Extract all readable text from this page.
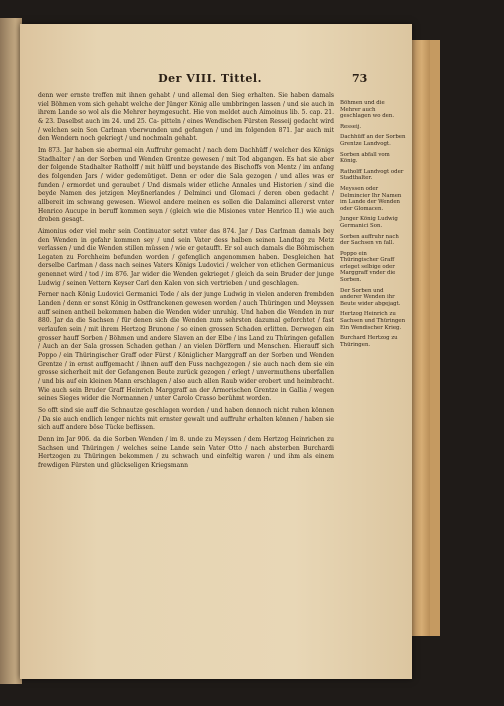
Der VIII. Tittel.	73

denn wer ernste treffen mit ihnen gehabt / und allemal den Sieg erhalten. Sie haben damals viel Böhmen vom sich gehabt welche der Jünger König alle umbbringen lassen / und sie auch in ihrem Lande so wol als die Mehrer heymgesucht. Hie von meldet auch Aimoinus lib. 5. cap. 21. & 23. Daselbst auch im 24. und 25. Ca- pitteln / eines Wendischen Fürsten Resseij gedacht wird / welchen sein Son Carlman vberwunden und gefangen / und im folgenden 871. Jar auch mit den Wendern noch gekriegt / und nochmaln gehabt.

Im 873. Jar haben sie abermal ein Auffruhr gemacht / nach dem Dachhüff / welcher des Königs Stadhalter / an der Sorben und Wenden Grentze gewesen / mit Tod abgangen. Es hat sie aber der folgende Stadhalter Ratholff / mit hülff und beystande des Bischoffs von Mentz / im anfang des folgenden Jars / wider gedemütiget. Denn er oder die Sala gezogen / und alles was er funden / ermordet und geraubet / Und dismals wider etliche Annales und Historien / sind die beyde Namen des jetzigen Meyßnerlandes / Delminci und Glomaci / deren oben gedacht / allbereit im schwang gewesen. Wiewol andere meinen es sollen die Dalaminci allererst vnter Henrico Aucupe in beruff kommen seyn / (gleich wie die Misiones vnter Henrico II.) wie auch droben gesagt.

Aimonius oder viel mehr sein Continuator setzt vnter das 874. Jar / Das Carlman damals bey den Wenden in gefahr kommen sey / und sein Vater dess halben seinen Landtag zu Metz verlassen / und die Wenden stillen müssen / wie er getaufft. Er sol auch damals die Böhmischen Legaten zu Forchheim befunden worden / gefenglich angenommen haben. Desgleichen hat derselbe Carlman / dass nach seines Vaters Königs Ludovici / welcher von etlichen Germanicus genennet wird / tod / im 876. Jar wider die Wenden gekrieget / gleich da sein Bruder der junge Ludwig / seinen Vettern Keyser Carl den Kalen von sich vertrieben / und geschlagen.

Ferner nach König Ludovici Germanici Tode / als der junge Ludwig in vielen anderen frembden Landen / denn er sonst König in Ostfranckenen gewesen worden / auch Thüringen und Meyssen auff seinen antheil bekommen haben die Wenden wider unruhig. Und haben die Wenden in nur 880. Jar da die Sachsen / für denen sich die Wenden zum sehrsten dazumal geforchtet / fast verlaufen sein / mit ihrem Hertzog Brunone / so einen grossen Schaden erlitten. Derwegen ein grosser hauff Sorben / Böhmen und andere Slaven an der Elbe / ins Land zu Thüringen gefallen / Auch an der Sala grossen Schaden gethan / an vielen Dörffern und Menschen. Hierauff sich Poppo / ein Thüringischer Graff oder Fürst / Königlicher Marggraff an der Sorben und Wenden Grentze / in ernst auffgemacht / ihnen auff den Fuss nachgezogen / sie auch nach dem sie ein grosse sicherheit mit der Gefangenen Beute zurück gezogen / erlegt / unvermuthens uberfallen / und bis auf ein kleinen Mann erschlagen / also auch allen Raub wider erobert und heimbracht. Wie auch sein Bruder Graff Heinrich Marggraff an der Armorischen Grentze in Gallia / wegen seines Sieges wider die Normannen / unter Carolo Crasso berühmt worden.

So offt sind sie auff die Schnautze geschlagen worden / und haben dennoch nicht ruhen können / Da sie auch endlich lenger nichts mit ernster gewalt und auffruhr erhalten können / haben sie sich auff andere böse Tücke beflissen.

Denn im Jar 906. da die Sorben Wenden / im 8. unde zu Meyssen / dem Hertzog Heinrichen zu Sachsen und Thüringen / welches seine Lande sein Vater Otto / nach absterben Burchardi Hertzogen zu Thüringen bekommen / zu schwach und einfeltig waren / und ihm als einem frewdigen Fürsten und glückseligen Kriegsmann

Böhmen und die Mehrer auch geschlagen wo den.
Resseij.
Dachhüff an der Sorben Grentze Landvogt.
Sorben abfall vom König.
Ratholff Landvogt oder Stadthalter.
Meyssen oder Delmincier Ihr Namen im Lande der Wenden oder Glomacen.
Junger König Ludwig Germanici Son.
Sorben auffruhr nach der Sachsen vn fall.
Poppo ein Thüringischer Graff erleget selbige oder Marggraff vnder die Sorben.
Der Sorben und anderer Wenden ihr Beute wider abgejagt.
Hertzog Heinrich zu Sachsen und Thüringen Ein Wendischer Krieg.
Burchard Hertzog zu Thüringen.
